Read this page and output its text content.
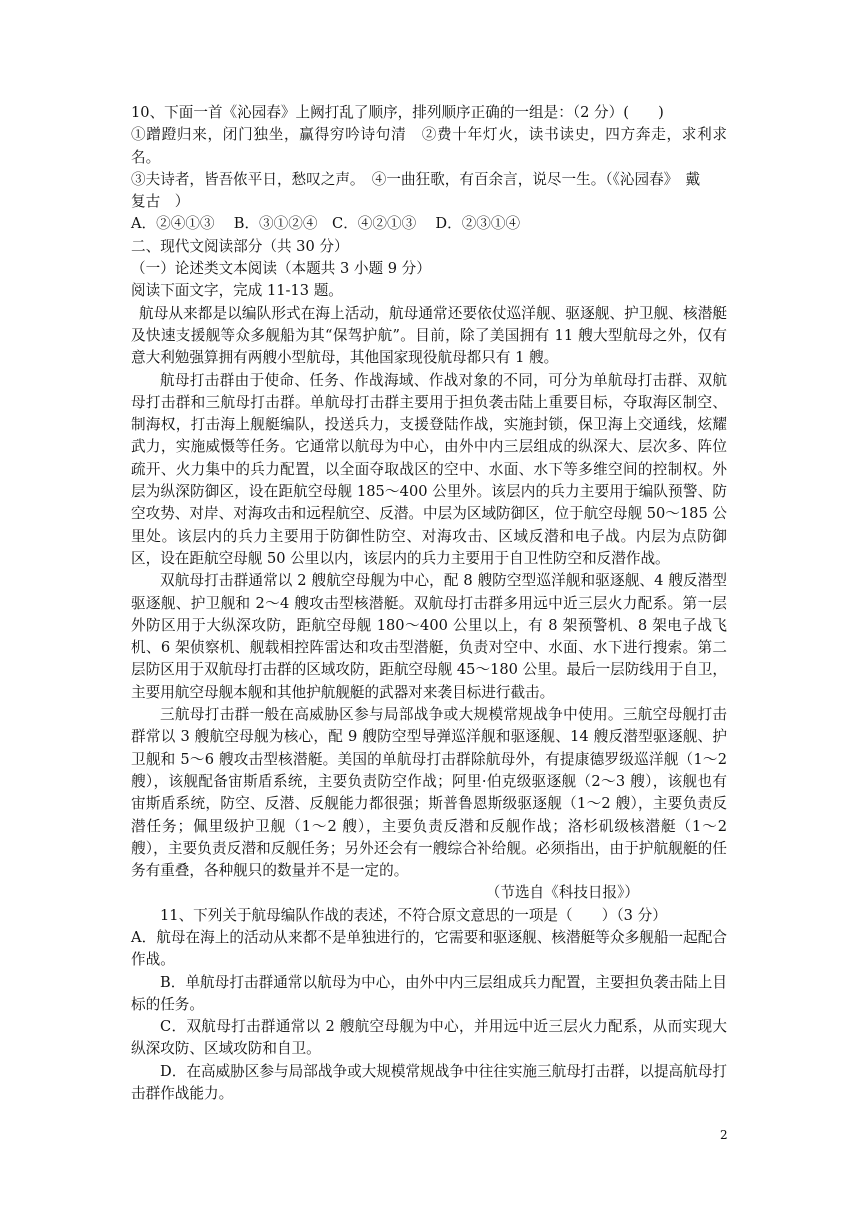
10、下面一首《沁园春》上阙打乱了顺序，排列顺序正确的一组是：（2 分）(　　)

①蹭蹬归来，闭门独坐，赢得穷吟诗句清　②费十年灯火，读书读史，四方奔走，求利求名。

③夫诗者，皆吾侬平日，愁叹之声。　④一曲狂歌，有百余言，说尽一生。（《沁园春》　戴

复古　）

A．②④①③　 B．③①②④　C．④②①③　 D．②③①④

二、现代文阅读部分（共 30 分）

（一）论述类文本阅读（本题共 3 小题 9 分）

阅读下面文字，完成 11-13 题。

航母从来都是以编队形式在海上活动，航母通常还要依仗巡洋舰、驱逐舰、护卫舰、核潜艇及快速支援舰等众多舰船为其“保驾护航”。目前，除了美国拥有 11 艘大型航母之外，仅有意大利勉强算拥有两艘小型航母，其他国家现役航母都只有 1 艘。

航母打击群由于使命、任务、作战海域、作战对象的不同，可分为单航母打击群、双航母打击群和三航母打击群。单航母打击群主要用于担负袭击陆上重要目标，夺取海区制空、制海权，打击海上舰艇编队，投送兵力，支援登陆作战，实施封锁，保卫海上交通线，炫耀武力，实施威慑等任务。它通常以航母为中心，由外中内三层组成的纵深大、层次多、阵位疏开、火力集中的兵力配置，以全面夺取战区的空中、水面、水下等多维空间的控制权。外层为纵深防御区，设在距航空母舰 185～400 公里外。该层内的兵力主要用于编队预警、防空攻势、对岸、对海攻击和远程航空、反潜。中层为区域防御区，位于航空母舰 50～185 公里处。该层内的兵力主要用于防御性防空、对海攻击、区域反潜和电子战。内层为点防御区，设在距航空母舰 50 公里以内，该层内的兵力主要用于自卫性防空和反潜作战。

双航母打击群通常以 2 艘航空母舰为中心，配 8 艘防空型巡洋舰和驱逐舰、4 艘反潜型驱逐舰、护卫舰和 2～4 艘攻击型核潜艇。双航母打击群多用远中近三层火力配系。第一层外防区用于大纵深攻防，距航空母舰 180～400 公里以上，有 8 架预警机、8 架电子战飞机、6 架侦察机、舰载相控阵雷达和攻击型潜艇，负责对空中、水面、水下进行搜索。第二层防区用于双航母打击群的区域攻防，距航空母舰 45～180 公里。最后一层防线用于自卫，主要用航空母舰本舰和其他护航舰艇的武器对来袭目标进行截击。

三航母打击群一般在高威胁区参与局部战争或大规模常规战争中使用。三航空母舰打击群常以 3 艘航空母舰为核心，配 9 艘防空型导弹巡洋舰和驱逐舰、14 艘反潜型驱逐舰、护卫舰和 5～6 艘攻击型核潜艇。美国的单航母打击群除航母外，有提康德罗级巡洋舰（1～2 艘），该舰配备宙斯盾系统，主要负责防空作战；阿里·伯克级驱逐舰（2～3 艘），该舰也有宙斯盾系统，防空、反潜、反舰能力都很强；斯普鲁恩斯级驱逐舰（1～2 艘），主要负责反潜任务；佩里级护卫舰（1～2 艘），主要负责反潜和反舰作战；洛杉矶级核潜艇（1～2 艘），主要负责反潜和反舰任务；另外还会有一艘综合补给舰。必须指出，由于护航舰艇的任务有重叠，各种舰只的数量并不是一定的。

（节选自《科技日报》）

11、下列关于航母编队作战的表述，不符合原文意思的一项是（　　）（3 分）

A．航母在海上的活动从来都不是单独进行的，它需要和驱逐舰、核潜艇等众多舰船一起配合作战。

B．单航母打击群通常以航母为中心，由外中内三层组成兵力配置，主要担负袭击陆上目标的任务。

C．双航母打击群通常以 2 艘航空母舰为中心，并用远中近三层火力配系，从而实现大纵深攻防、区域攻防和自卫。

D．在高威胁区参与局部战争或大规模常规战争中往往实施三航母打击群，以提高航母打击群作战能力。

2
